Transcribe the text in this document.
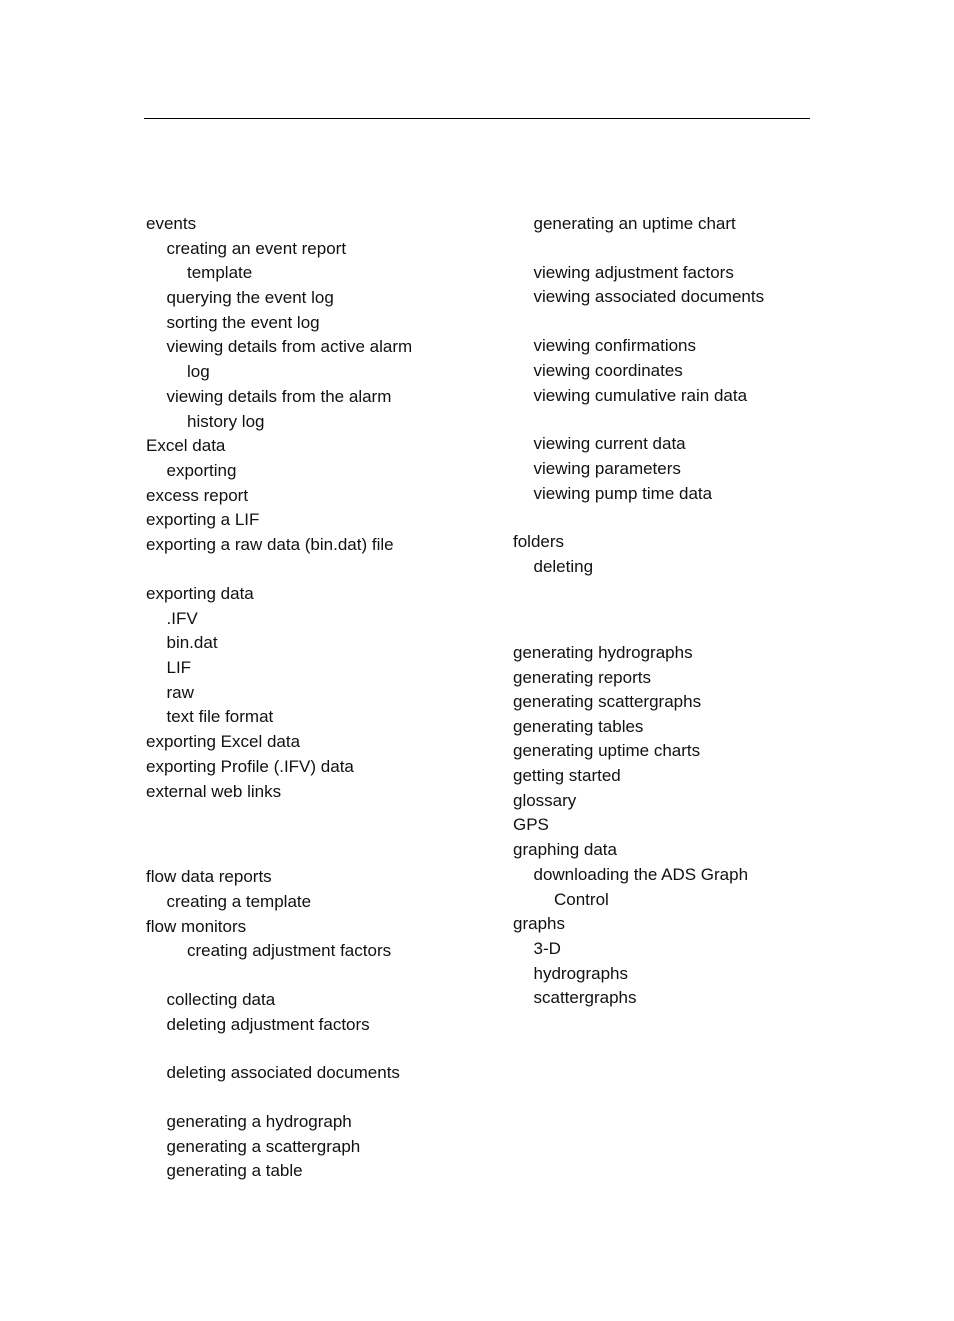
events
creating an event report
template
querying the event log
sorting the event log
viewing details from active alarm
log
viewing details from the alarm
history log
Excel data
exporting
excess report
exporting a LIF
exporting a raw data (bin.dat) file
exporting data
.IFV
bin.dat
LIF
raw
text file format
exporting Excel data
exporting Profile (.IFV) data
external web links
flow data reports
creating a template
flow monitors
creating adjustment factors
collecting data
deleting adjustment factors
deleting associated documents
generating a hydrograph
generating a scattergraph
generating a table
generating an uptime chart
viewing adjustment factors
viewing associated documents
viewing confirmations
viewing coordinates
viewing cumulative rain data
viewing current data
viewing parameters
viewing pump time data
folders
deleting
generating hydrographs
generating reports
generating scattergraphs
generating tables
generating uptime charts
getting started
glossary
GPS
graphing data
downloading the ADS Graph
Control
graphs
3-D
hydrographs
scattergraphs
